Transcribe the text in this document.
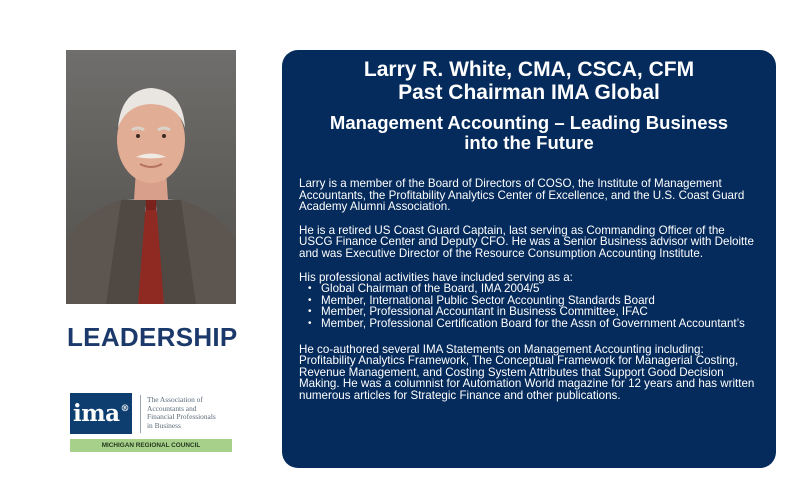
LEADERSHIP
ima®
The Association of
Accountants and
Financial Professionals
in Business
MICHIGAN REGIONAL COUNCIL
Larry R. White, CMA, CSCA, CFM
Past Chairman IMA Global
Management Accounting – Leading Business
into the Future

Larry is a member of the Board of Directors of COSO, the Institute of Management Accountants, the Profitability Analytics Center of Excellence, and the U.S. Coast Guard Academy Alumni Association.

He is a retired US Coast Guard Captain, last serving as Commanding Officer of the USCG Finance Center and Deputy CFO. He was a Senior Business advisor with Deloitte and was Executive Director of the Resource Consumption Accounting Institute.

His professional activities have included serving as a:

• Global Chairman of the Board, IMA 2004/5
• Member, International Public Sector Accounting Standards Board
• Member, Professional Accountant in Business Committee, IFAC
• Member, Professional Certification Board for the Assn of Government Accountant’s

He co-authored several IMA Statements on Management Accounting including: Profitability Analytics Framework, The Conceptual Framework for Managerial Costing, Revenue Management, and Costing System Attributes that Support Good Decision Making. He was a columnist for Automation World magazine for 12 years and has written numerous articles for Strategic Finance and other publications.
